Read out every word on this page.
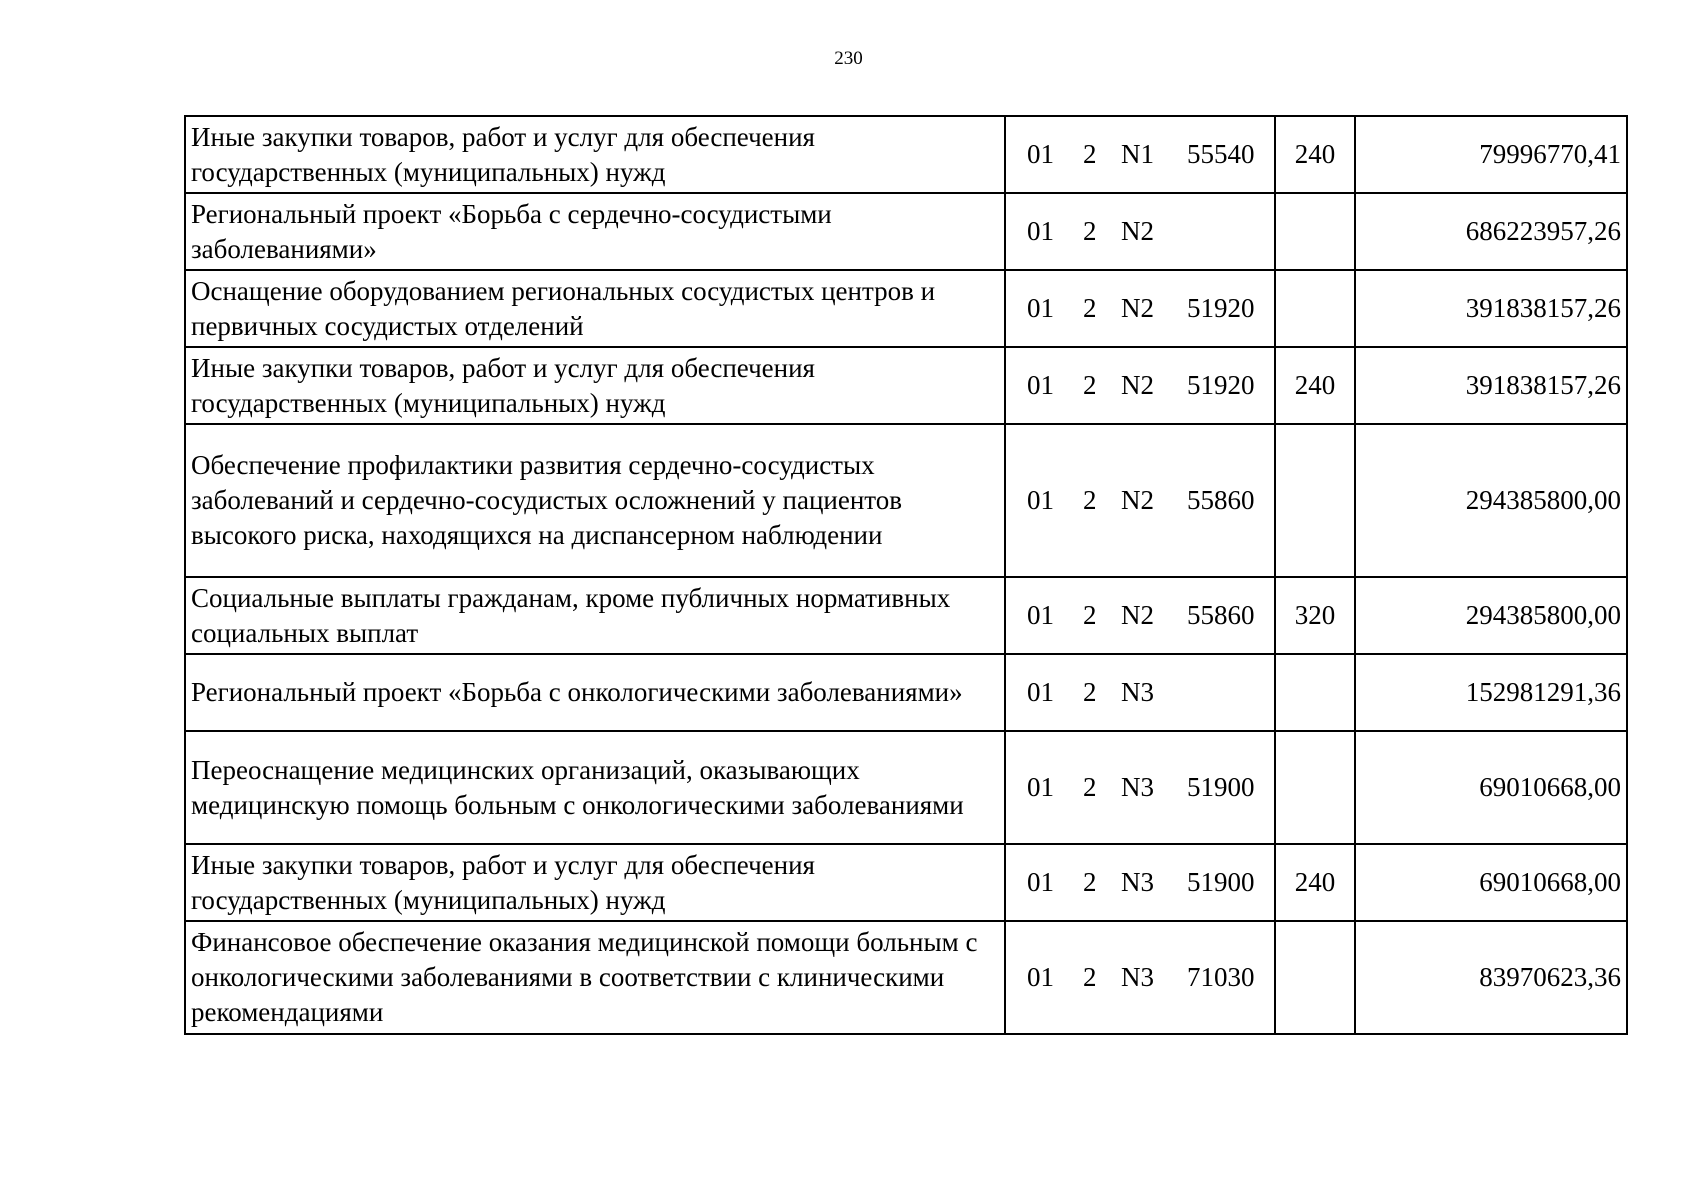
230
Иные закупки товаров, работ и услуг для обеспечения государственных (муниципальных) нужд	01 2 N1 55540	240	79996770,41
Региональный проект «Борьба с сердечно-сосудистыми заболеваниями»	01 2 N2		686223957,26
Оснащение оборудованием региональных сосудистых центров и первичных сосудистых отделений	01 2 N2 51920		391838157,26
Иные закупки товаров, работ и услуг для обеспечения государственных (муниципальных) нужд	01 2 N2 51920	240	391838157,26
Обеспечение профилактики развития сердечно-сосудистых заболеваний и сердечно-сосудистых осложнений у пациентов высокого риска, находящихся на диспансерном наблюдении	01 2 N2 55860		294385800,00
Социальные выплаты гражданам, кроме публичных нормативных социальных выплат	01 2 N2 55860	320	294385800,00
Региональный проект «Борьба с онкологическими заболеваниями»	01 2 N3		152981291,36
Переоснащение медицинских организаций, оказывающих медицинскую помощь больным с онкологическими заболеваниями	01 2 N3 51900		69010668,00
Иные закупки товаров, работ и услуг для обеспечения государственных (муниципальных) нужд	01 2 N3 51900	240	69010668,00
Финансовое обеспечение оказания медицинской помощи больным с онкологическими заболеваниями в соответствии с клиническими рекомендациями	01 2 N3 71030		83970623,36
